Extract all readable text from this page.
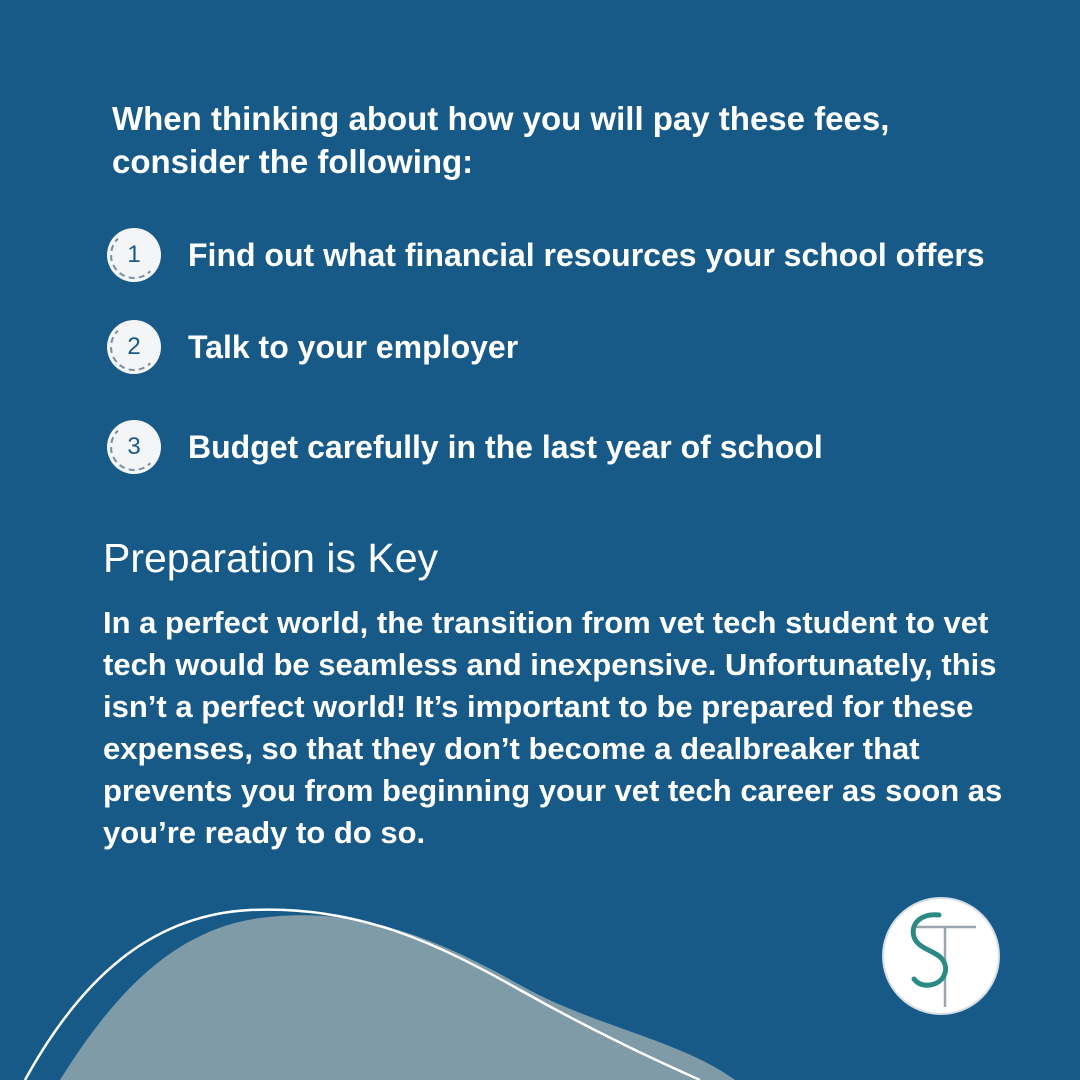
When thinking about how you will pay these fees, consider the following:

1	Find out what financial resources your school offers
2	Talk to your employer
3	Budget carefully in the last year of school
Preparation is Key

In a perfect world, the transition from vet tech student to vet tech would be seamless and inexpensive. Unfortunately, this isn’t a perfect world! It’s important to be prepared for these expenses, so that they don’t become a dealbreaker that prevents you from beginning your vet tech career as soon as you’re ready to do so.
